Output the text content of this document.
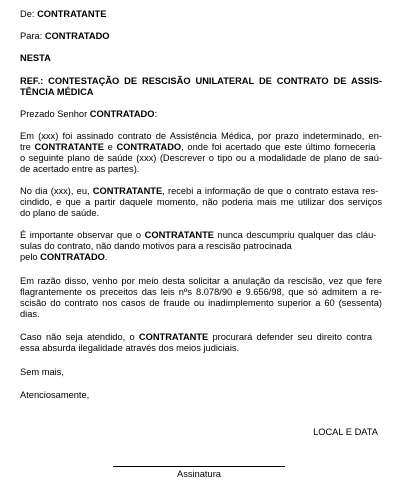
De: CONTRATANTE
Para: CONTRATADO
NESTA
REF.: CONTESTAÇÃO DE RESCISÃO UNILATERAL DE CONTRATO DE ASSIS-
TÊNCIA MÉDICA
Prezado Senhor CONTRATADO:
Em (xxx) foi assinado contrato de Assistência Médica, por prazo indeterminado, en-
tre CONTRATANTE e CONTRATADO, onde foi acertado que este último forneceria
o seguinte plano de saúde (xxx) (Descrever o tipo ou a modalidade de plano de saú-
de acertado entre as partes).
No dia (xxx), eu, CONTRATANTE, recebi a informação de que o contrato estava res-
cindido, e que a partir daquele momento, não poderia mais me utilizar dos serviços
do plano de saúde.
É importante observar que o CONTRATANTE nunca descumpriu qualquer das cláu-
sulas do contrato, não dando motivos para a rescisão patrocinada
pelo CONTRATADO.
Em razão disso, venho por meio desta solicitar a anulação da rescisão, vez que fere
flagrantemente os preceitos das leis nºs 8.078/90 e 9.656/98, que só admitem a re-
scisão do contrato nos casos de fraude ou inadimplemento superior a 60 (sessenta)
dias.
Caso não seja atendido, o CONTRATANTE procurará defender seu direito contra
essa absurda ilegalidade através dos meios judiciais.
Sem mais,
Atenciosamente,
LOCAL E DATA
Assinatura
